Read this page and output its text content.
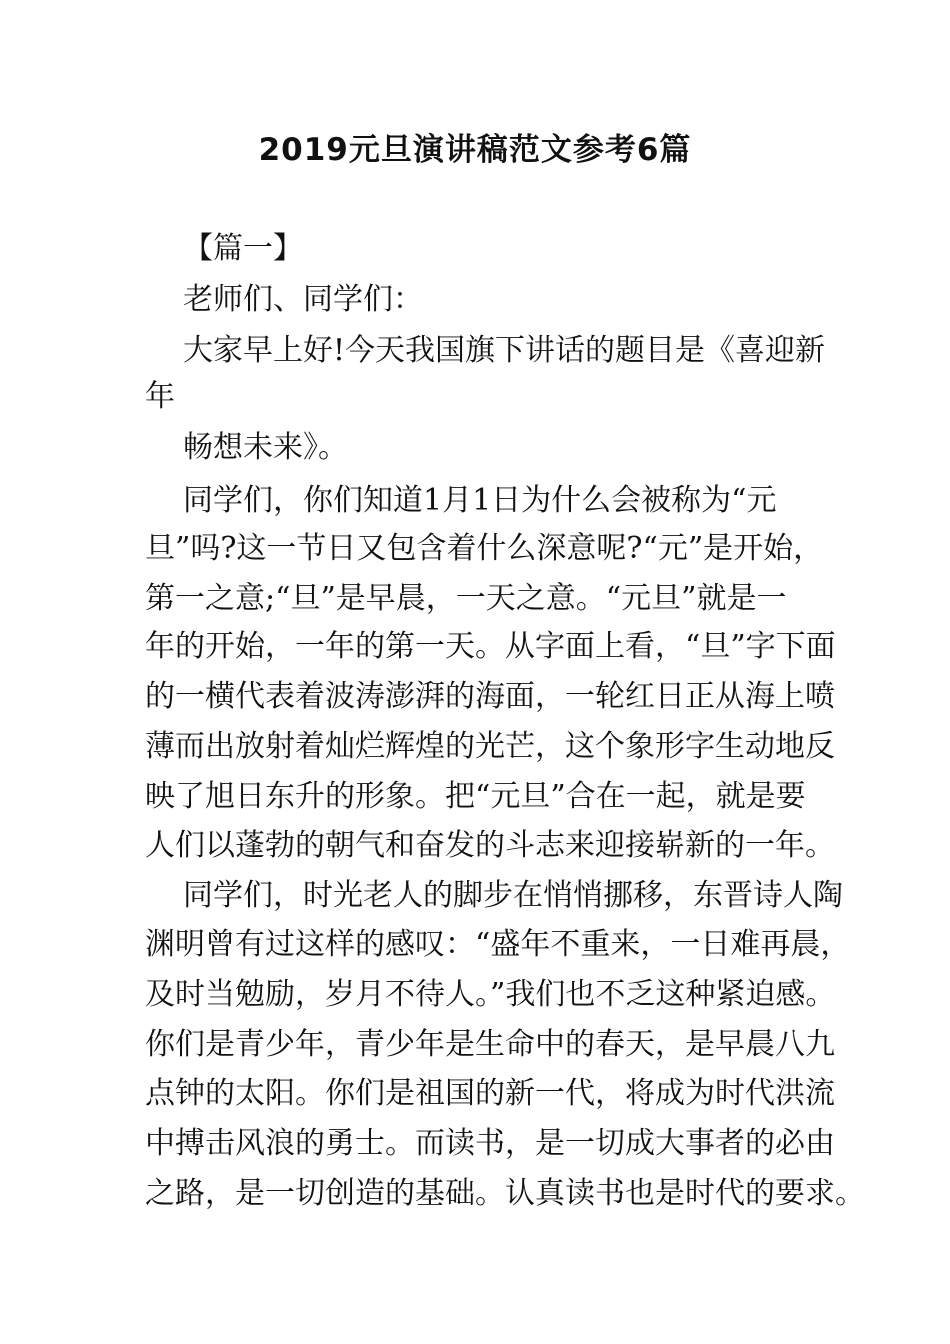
2019元旦演讲稿范文参考6篇
【篇一】
老师们、同学们：
大家早上好!今天我国旗下讲话的题目是《喜迎新
年
畅想未来》。
同学们，你们知道1月1日为什么会被称为“元
旦”吗?这一节日又包含着什么深意呢?“元”是开始，
第一之意;“旦”是早晨，一天之意。“元旦”就是一
年的开始，一年的第一天。从字面上看，“旦”字下面
的一横代表着波涛澎湃的海面，一轮红日正从海上喷
薄而出放射着灿烂辉煌的光芒，这个象形字生动地反
映了旭日东升的形象。把“元旦”合在一起，就是要
人们以蓬勃的朝气和奋发的斗志来迎接崭新的一年。
同学们，时光老人的脚步在悄悄挪移，东晋诗人陶
渊明曾有过这样的感叹：“盛年不重来，一日难再晨，
及时当勉励，岁月不待人。”我们也不乏这种紧迫感。
你们是青少年，青少年是生命中的春天，是早晨八九
点钟的太阳。你们是祖国的新一代，将成为时代洪流
中搏击风浪的勇士。而读书，是一切成大事者的必由
之路，是一切创造的基础。认真读书也是时代的要求。
